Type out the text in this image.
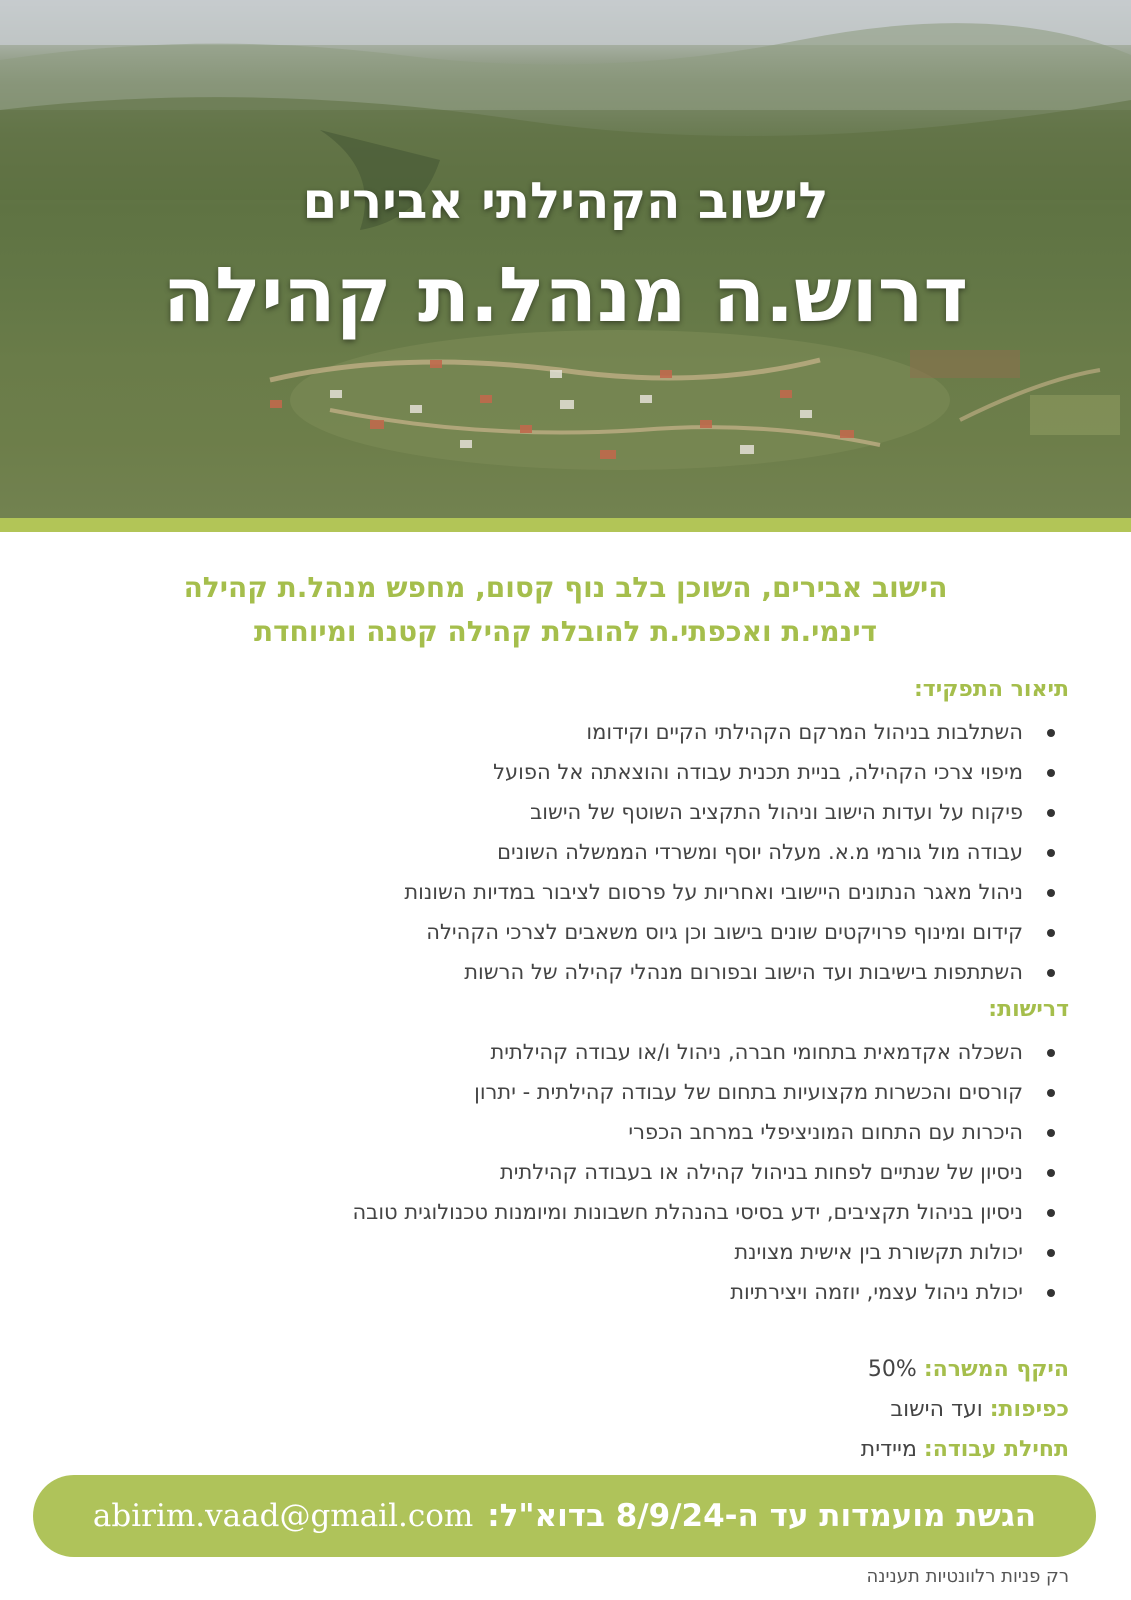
לישוב הקהילתי אבירים

דרוש.ה מנהל.ת קהילה

הישוב אבירים, השוכן בלב נוף קסום, מחפש מנהל.ת קהילה
דינמי.ת ואכפתי.ת להובלת קהילה קטנה ומיוחדת

תיאור התפקיד:

השתלבות בניהול המרקם הקהילתי הקיים וקידומו
מיפוי צרכי הקהילה, בניית תכנית עבודה והוצאתה אל הפועל
פיקוח על ועדות הישוב וניהול התקציב השוטף של הישוב
עבודה מול גורמי מ.א. מעלה יוסף ומשרדי הממשלה השונים
ניהול מאגר הנתונים היישובי ואחריות על פרסום לציבור במדיות השונות
קידום ומינוף פרויקטים שונים בישוב וכן גיוס משאבים לצרכי הקהילה
השתתפות בישיבות ועד הישוב ובפורום מנהלי קהילה של הרשות

דרישות:

השכלה אקדמאית בתחומי חברה, ניהול ו/או עבודה קהילתית
קורסים והכשרות מקצועיות בתחום של עבודה קהילתית - יתרון
היכרות עם התחום המוניציפלי במרחב הכפרי
ניסיון של שנתיים לפחות בניהול קהילה או בעבודה קהילתית
ניסיון בניהול תקציבים, ידע בסיסי בהנהלת חשבונות ומיומנות טכנולוגית טובה
יכולות תקשורת בין אישית מצוינת
יכולת ניהול עצמי, יוזמה ויצירתיות

היקף המשרה: 50%

כפיפות: ועד הישוב

תחילת עבודה: מיידית

הגשת מועמדות עד ה-8/9/24 בדוא"ל:
abirim.vaad@gmail.com

רק פניות רלוונטיות תענינה
